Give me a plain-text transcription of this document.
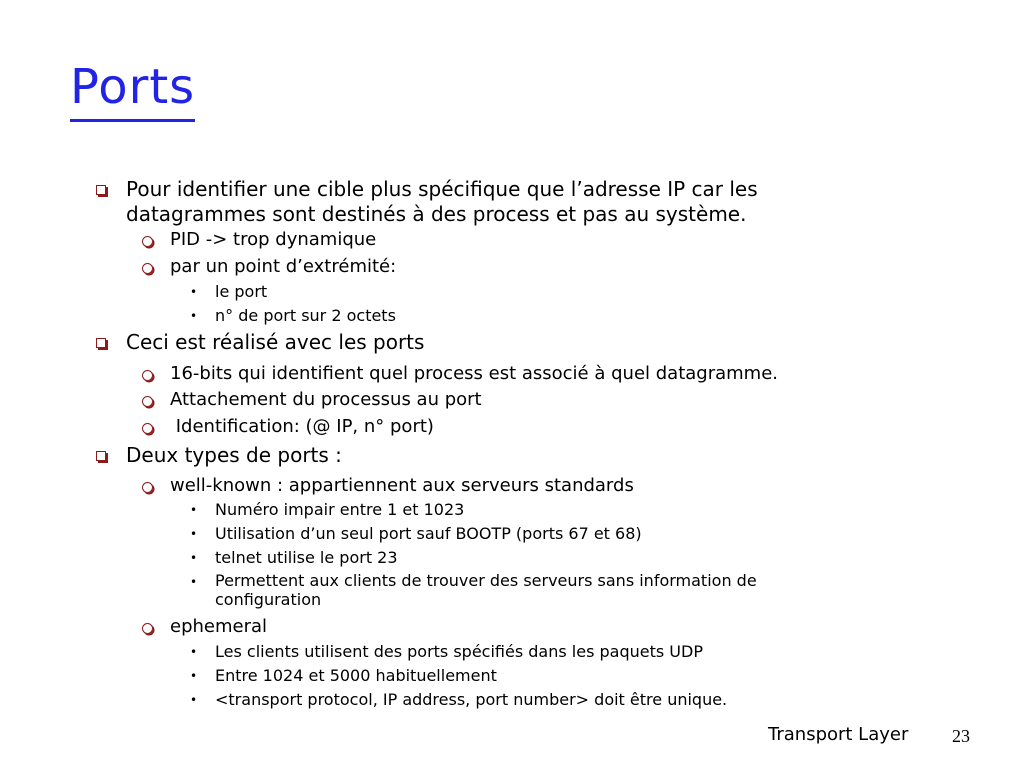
Ports
Pour identifier une cible plus spécifique que l’adresse IP car les
datagrammes sont destinés à des process et pas au système.
PID -> trop dynamique
par un point d’extrémité:
• le port
• n° de port sur 2 octets
Ceci est réalisé avec les ports
16-bits qui identifient quel process est associé à quel datagramme.
Attachement du processus au port
Identification: (@ IP, n° port)
Deux types de ports :
well-known : appartiennent aux serveurs standards
• Numéro impair entre 1 et 1023
• Utilisation d’un seul port sauf BOOTP (ports 67 et 68)
• telnet utilise le port 23
• Permettent aux clients de trouver des serveurs sans information de
configuration
ephemeral
• Les clients utilisent des ports spécifiés dans les paquets UDP
• Entre 1024 et 5000 habituellement
• <transport protocol, IP address, port number> doit être unique.
Transport Layer 23
